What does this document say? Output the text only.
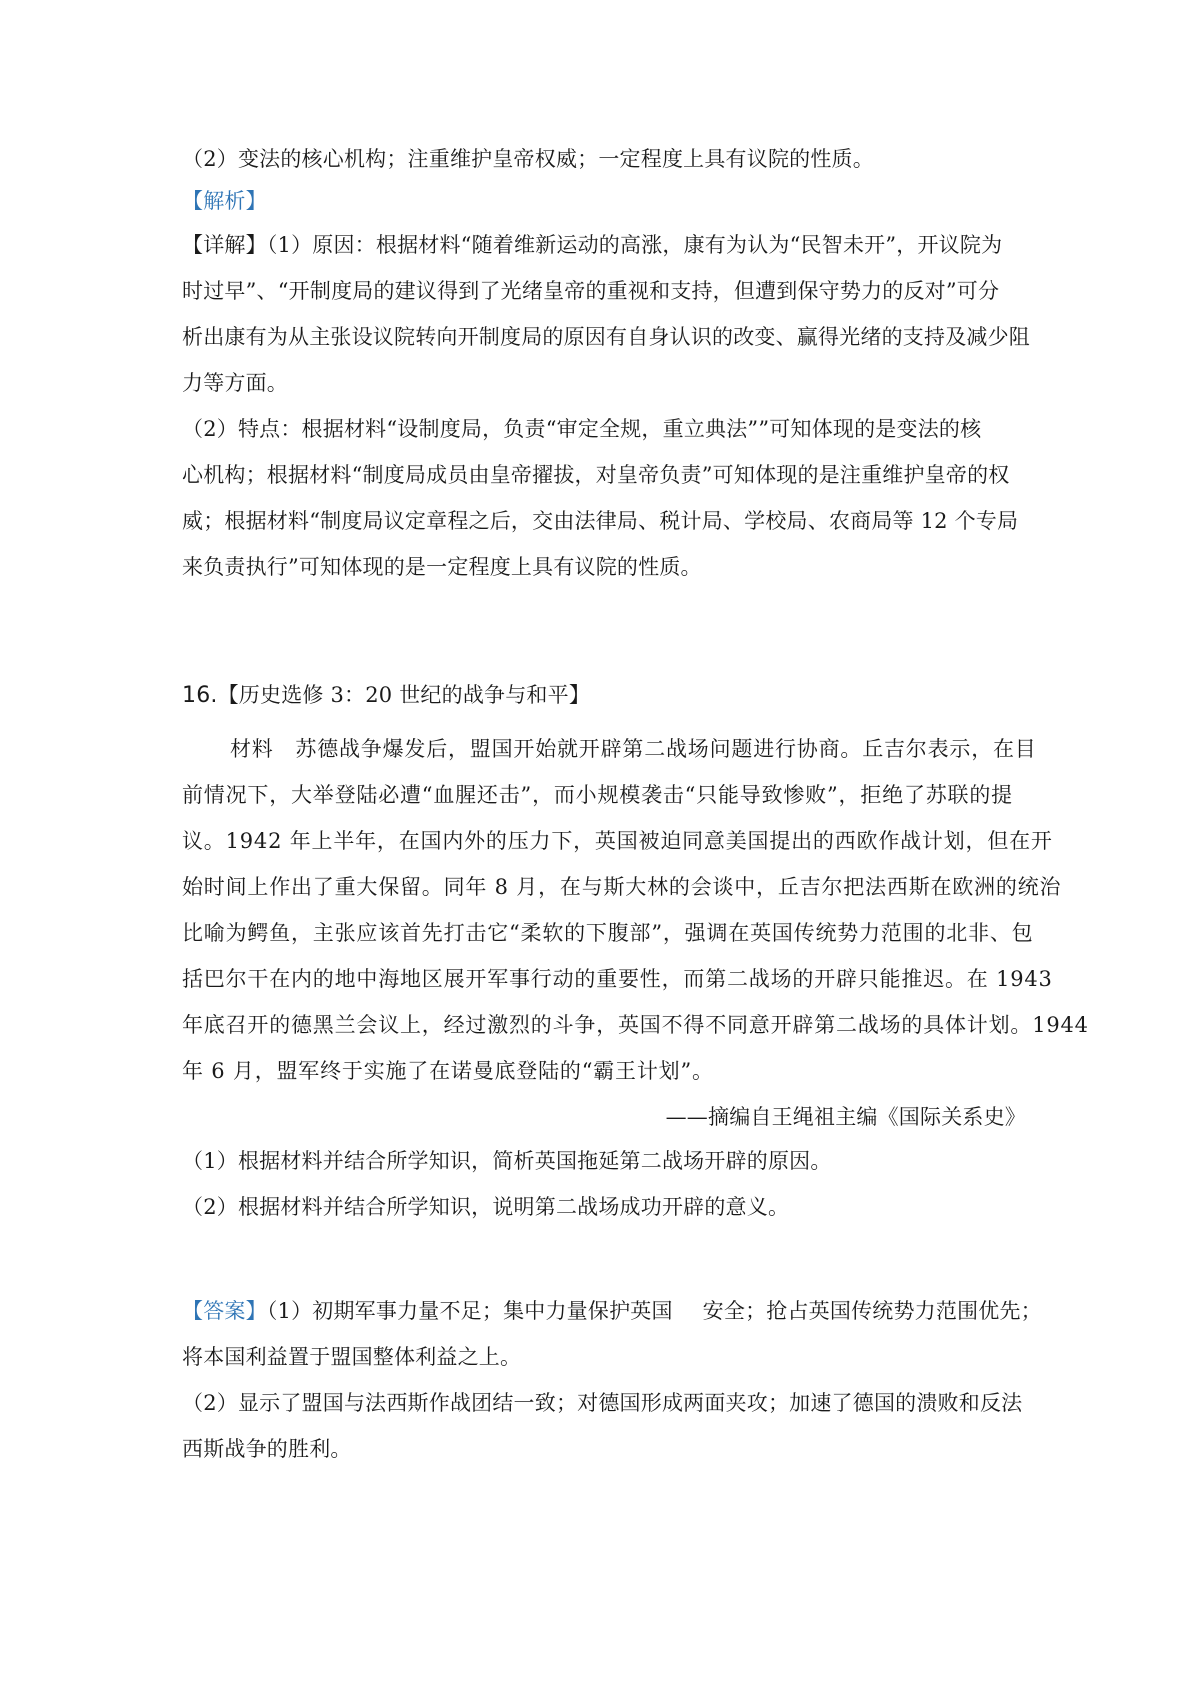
（2）变法的核心机构；注重维护皇帝权威；一定程度上具有议院的性质。
【解析】
【详解】（1）原因：根据材料“随着维新运动的高涨，康有为认为“民智未开”，开议院为
时过早”、“开制度局的建议得到了光绪皇帝的重视和支持，但遭到保守势力的反对”可分
析出康有为从主张设议院转向开制度局的原因有自身认识的改变、赢得光绪的支持及减少阻
力等方面。
（2）特点：根据材料“设制度局，负责“审定全规，重立典法””可知体现的是变法的核
心机构；根据材料“制度局成员由皇帝擢拔，对皇帝负责”可知体现的是注重维护皇帝的权
威；根据材料“制度局议定章程之后，交由法律局、税计局、学校局、农商局等 12 个专局
来负责执行”可知体现的是一定程度上具有议院的性质。
16.【历史选修 3：20 世纪的战争与和平】
材料　苏德战争爆发后，盟国开始就开辟第二战场问题进行协商。丘吉尔表示，在目
前情况下，大举登陆必遭“血腥还击”，而小规模袭击“只能导致惨败”，拒绝了苏联的提
议。1942 年上半年，在国内外的压力下，英国被迫同意美国提出的西欧作战计划，但在开
始时间上作出了重大保留。同年 8 月，在与斯大林的会谈中，丘吉尔把法西斯在欧洲的统治
比喻为鳄鱼，主张应该首先打击它“柔软的下腹部”，强调在英国传统势力范围的北非、包
括巴尔干在内的地中海地区展开军事行动的重要性，而第二战场的开辟只能推迟。在 1943
年底召开的德黑兰会议上，经过激烈的斗争，英国不得不同意开辟第二战场的具体计划。1944
年 6 月，盟军终于实施了在诺曼底登陆的“霸王计划”。
——摘编自王绳祖主编《国际关系史》
（1）根据材料并结合所学知识，简析英国拖延第二战场开辟的原因。
（2）根据材料并结合所学知识，说明第二战场成功开辟的意义。
【答案】（1）初期军事力量不足；集中力量保护英国 安全；抢占英国传统势力范围优先；
将本国利益置于盟国整体利益之上。
（2）显示了盟国与法西斯作战团结一致；对德国形成两面夹攻；加速了德国的溃败和反法
西斯战争的胜利。
